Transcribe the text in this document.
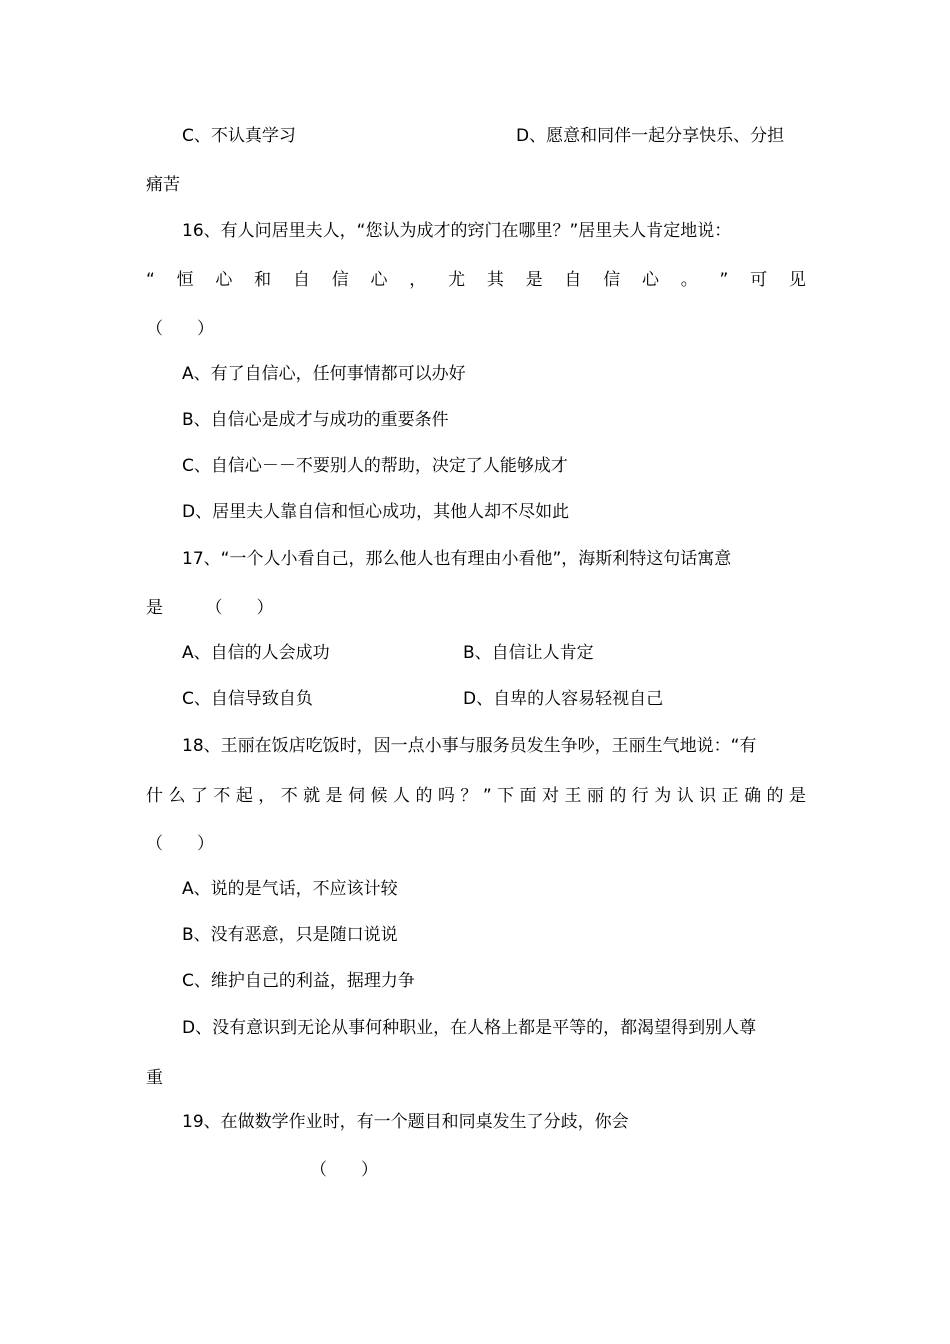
C、不认真学习	D、愿意和同伴一起分享快乐、分担
痛苦
16、有人问居里夫人，“您认为成才的窍门在哪里？”居里夫人肯定地说：
“ 恒 心 和 自 信 心 ， 尤 其 是 自 信 心 。 ” 可 见
（　　）
A、有了自信心，任何事情都可以办好
B、自信心是成才与成功的重要条件
C、自信心－－不要别人的帮助，决定了人能够成才
D、居里夫人靠自信和恒心成功，其他人却不尽如此
17、“一个人小看自己，那么他人也有理由小看他”，海斯利特这句话寓意
是　　　（　　）
A、自信的人会成功	B、自信让人肯定
C、自信导致自负	D、自卑的人容易轻视自己
18、王丽在饭店吃饭时，因一点小事与服务员发生争吵，王丽生气地说：“有
什么了不起，不就是伺候人的吗？”下面对王丽的行为认识正确的是
（　　）
A、说的是气话，不应该计较
B、没有恶意，只是随口说说
C、维护自己的利益，据理力争
D、没有意识到无论从事何种职业，在人格上都是平等的，都渴望得到别人尊
重
19、在做数学作业时，有一个题目和同桌发生了分歧，你会
（　　）
